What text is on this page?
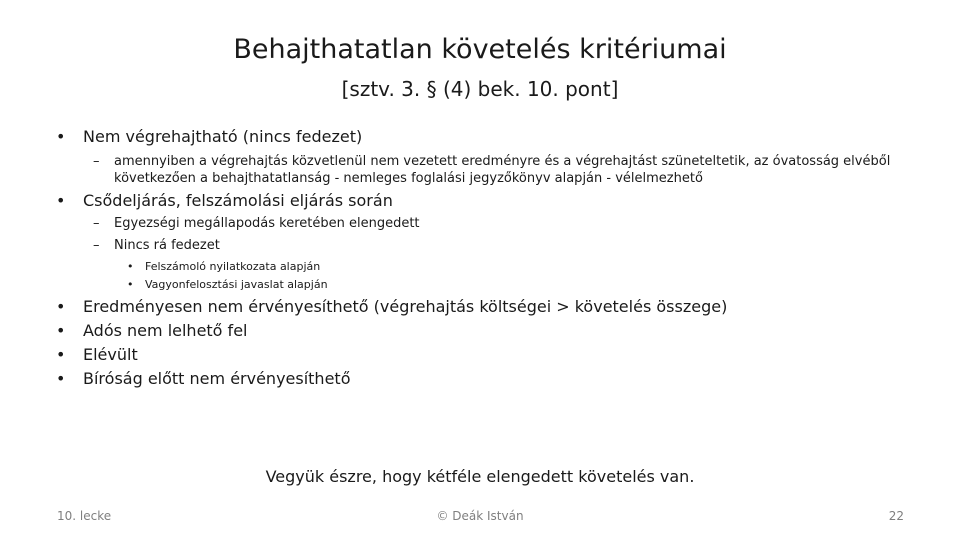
Behajthatatlan követelés kritériumai
[sztv. 3. § (4) bek. 10. pont]
• Nem végrehajtható (nincs fedezet)
– amennyiben a végrehajtás közvetlenül nem vezetett eredményre és a végrehajtást szüneteltetik, az óvatosság elvéből következően a behajthatatlanság - nemleges foglalási jegyzőkönyv alapján - vélelmezhető
• Csődeljárás, felszámolási eljárás során
– Egyezségi megállapodás keretében elengedett
– Nincs rá fedezet
• Felszámoló nyilatkozata alapján
• Vagyonfelosztási javaslat alapján
• Eredményesen nem érvényesíthető (végrehajtás költségei > követelés összege)
• Adós nem lelhető fel
• Elévült
• Bíróság előtt nem érvényesíthető
Vegyük észre, hogy kétféle elengedett követelés van.
10. lecke	© Deák István	22
